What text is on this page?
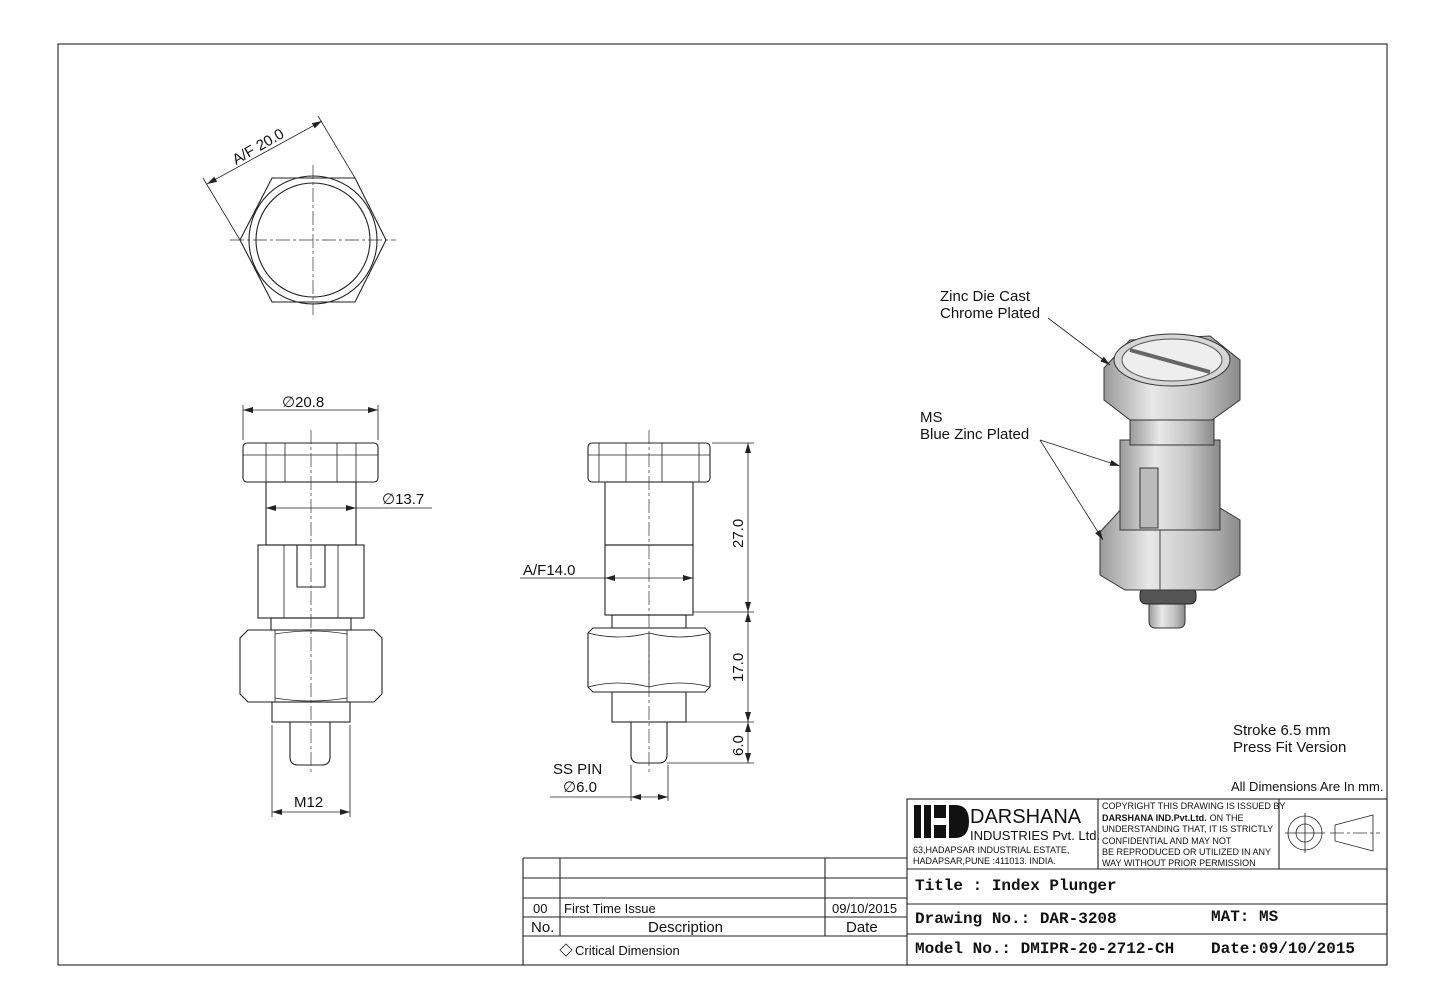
A/F 20.0
∅20.8
∅13.7
M12
27.0
17.0
6.0
A/F14.0
SS PIN
∅6.0
Zinc Die Cast
Chrome Plated
MS
Blue Zinc Plated
Stroke 6.5 mm
Press Fit Version
All Dimensions Are In mm.
DARSHANA
INDUSTRIES Pvt. Ltd.
63,HADAPSAR INDUSTRIAL ESTATE,
HADAPSAR,PUNE :411013. INDIA.
COPYRIGHT THIS DRAWING IS ISSUED BY
DARSHANA IND.Pvt.Ltd. ON THE
UNDERSTANDING THAT, IT IS STRICTLY
CONFIDENTIAL AND MAY NOT
BE REPRODUCED OR UTILIZED IN ANY
WAY WITHOUT PRIOR PERMISSION
Title : Index Plunger
Drawing No.: DAR-3208	MAT: MS
Model No.: DMIPR-20-2712-CH Date:09/10/2015
00 First Time Issue	09/10/2015
No.	Description	Date
Critical Dimension
